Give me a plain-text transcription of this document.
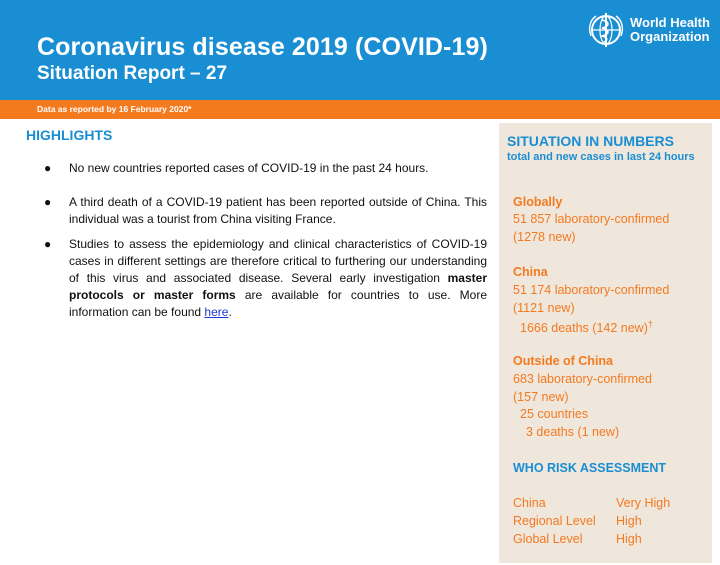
Coronavirus disease 2019 (COVID-19)
Situation Report – 27
World Health
Organization
Data as reported by 16 February 2020*
HIGHLIGHTS
● No new countries reported cases of COVID-19 in the past 24 hours.
● A third death of a COVID-19 patient has been reported outside of China. This individual was a tourist from China visiting France.
● Studies to assess the epidemiology and clinical characteristics of COVID-19 cases in different settings are therefore critical to furthering our understanding of this virus and associated disease. Several early investigation master protocols or master forms are available for countries to use. More information can be found here.
SITUATION IN NUMBERS
total and new cases in last 24 hours
Globally
51 857 laboratory-confirmed
(1278 new)
China
51 174 laboratory-confirmed
(1121 new)
1666 deaths (142 new)†
Outside of China
683 laboratory-confirmed
(157 new)
25 countries
3 deaths (1 new)
WHO RISK ASSESSMENT
China	Very High
Regional Level High
Global Level	High
